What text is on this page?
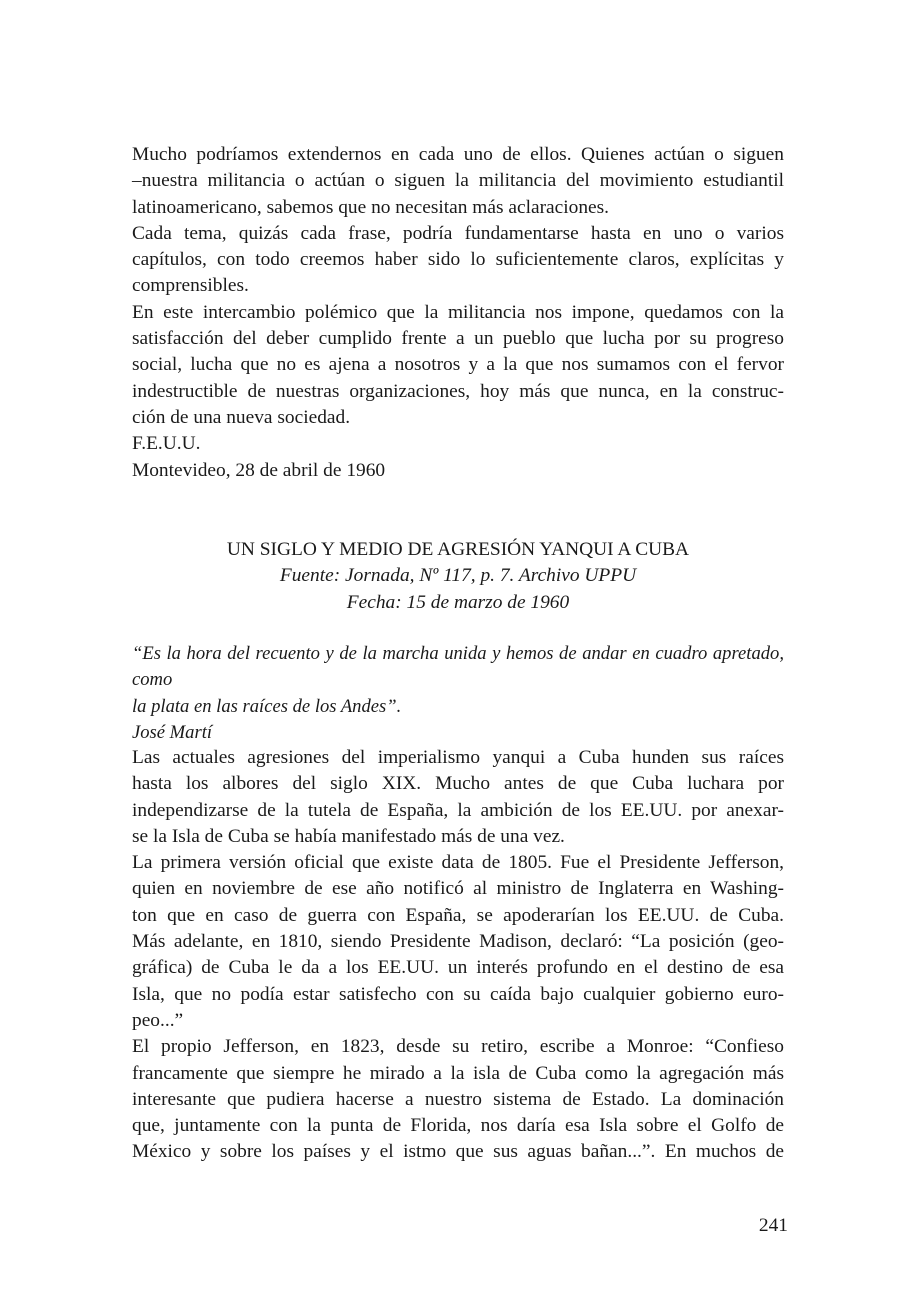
Mucho podríamos extendernos en cada uno de ellos. Quienes actúan o siguen
–nuestra militancia o actúan o siguen la militancia del movimiento estudiantil
latinoamericano, sabemos que no necesitan más aclaraciones.

Cada tema, quizás cada frase, podría fundamentarse hasta en uno o varios
capítulos, con todo creemos haber sido lo suficientemente claros, explícitas y
comprensibles.

En este intercambio polémico que la militancia nos impone, quedamos con la
satisfacción del deber cumplido frente a un pueblo que lucha por su progreso
social, lucha que no es ajena a nosotros y a la que nos sumamos con el fervor
indestructible de nuestras organizaciones, hoy más que nunca, en la construc-
ción de una nueva sociedad.

F.E.U.U.

Montevideo, 28 de abril de 1960

UN SIGLO Y MEDIO DE AGRESIÓN YANQUI A CUBA
Fuente: Jornada, Nº 117, p. 7. Archivo UPPU
Fecha: 15 de marzo de 1960
“Es la hora del recuento y de la marcha unida y hemos de andar en cuadro apretado, como
la plata en las raíces de los Andes”.
José Martí

Las actuales agresiones del imperialismo yanqui a Cuba hunden sus raíces
hasta los albores del siglo XIX. Mucho antes de que Cuba luchara por
independizarse de la tutela de España, la ambición de los EE.UU. por anexar-
se la Isla de Cuba se había manifestado más de una vez.

La primera versión oficial que existe data de 1805. Fue el Presidente Jefferson,
quien en noviembre de ese año notificó al ministro de Inglaterra en Washing-
ton que en caso de guerra con España, se apoderarían los EE.UU. de Cuba.
Más adelante, en 1810, siendo Presidente Madison, declaró: “La posición (geo-
gráfica) de Cuba le da a los EE.UU. un interés profundo en el destino de esa
Isla, que no podía estar satisfecho con su caída bajo cualquier gobierno euro-
peo...”

El propio Jefferson, en 1823, desde su retiro, escribe a Monroe: “Confieso
francamente que siempre he mirado a la isla de Cuba como la agregación más
interesante que pudiera hacerse a nuestro sistema de Estado. La dominación
que, juntamente con la punta de Florida, nos daría esa Isla sobre el Golfo de
México y sobre los países y el istmo que sus aguas bañan...”. En muchos de

241
